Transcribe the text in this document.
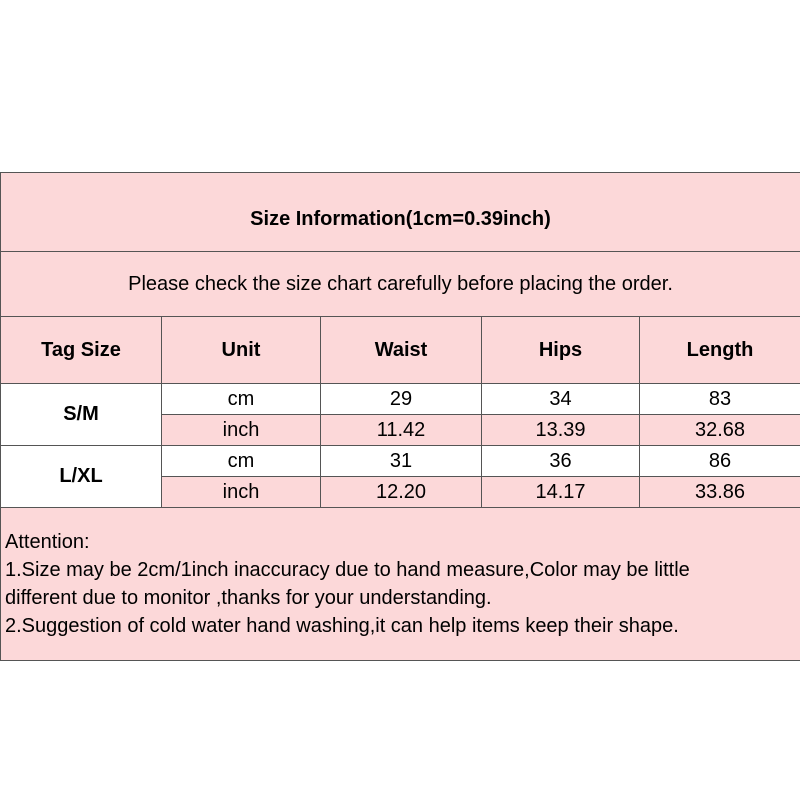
Size Information(1cm=0.39inch)				
Please check the size chart carefully before placing the order.				
Tag Size	Unit	Waist	Hips	Length
S/M	cm	29	34	83
	inch	11.42	13.39	32.68
L/XL	cm	31	36	86
	inch	12.20	14.17	33.86

Attention:
1.Size may be 2cm/1inch inaccuracy due to hand measure,Color may be little
different due to monitor ,thanks for your understanding.
2.Suggestion of cold water hand washing,it can help items keep their shape.				
